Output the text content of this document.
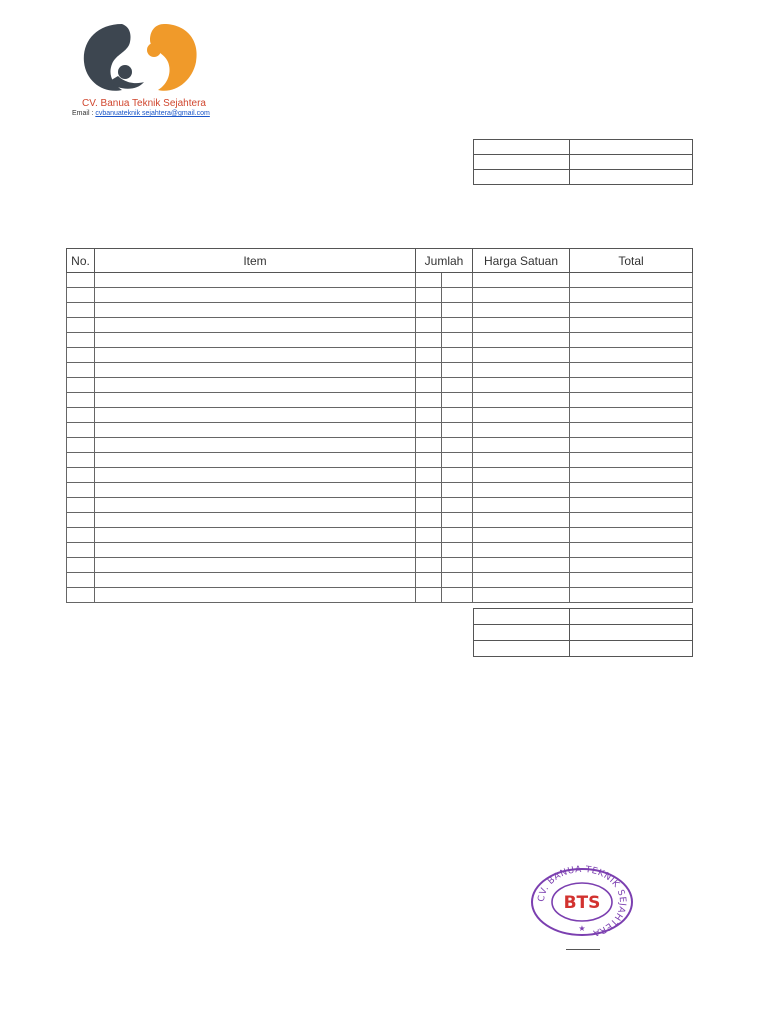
CV. Banua Teknik Sejahtera
Email : cvbanuateknik sejahtera@gmail.com

No.	Item	Jumlah		Harga Satuan	Total

CV. BANUA TEKNIK SEJAHTERA
BTS
★
